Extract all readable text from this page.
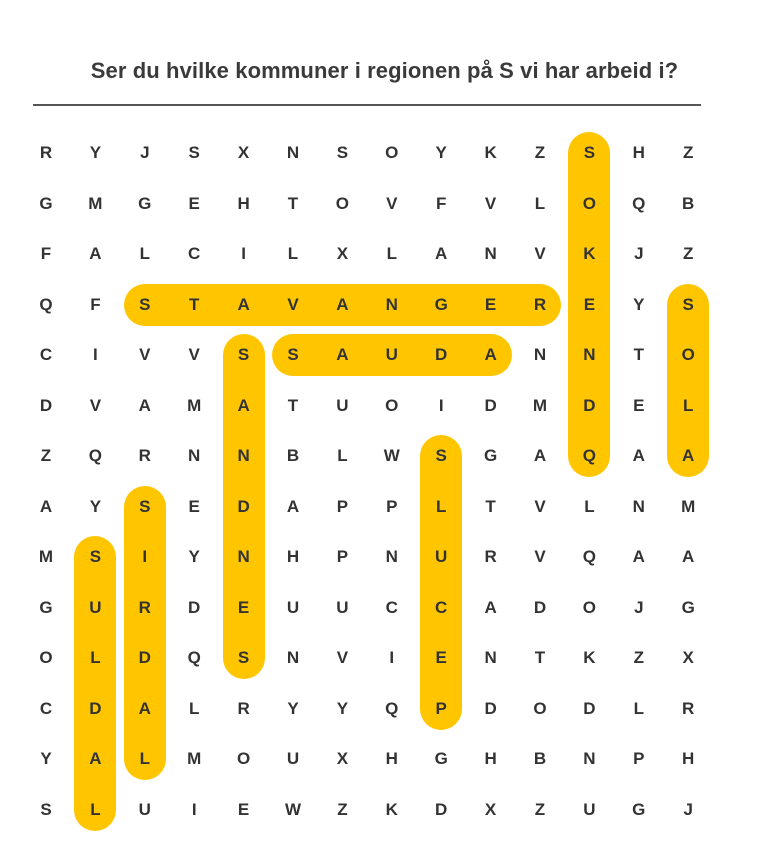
Ser du hvilke kommuner i regionen på S vi har arbeid i?
R	Y	J	S	X	N	S	O	Y	K	Z	S	H	Z
G	M	G	E	H	T	O	V	F	V	L	O	Q	B
F	A	L	C	I	L	X	L	A	N	V	K	J	Z
Q	F	S	T	A	V	A	N	G	E	R	E	Y	S
C	I	V	V	S	S	A	U	D	A	N	N	T	O
D	V	A	M	A	T	U	O	I	D	M	D	E	L
Z	Q	R	N	N	B	L	W	S	G	A	Q	A	A
A	Y	S	E	D	A	P	P	L	T	V	L	N	M
M	S	I	Y	N	H	P	N	U	R	V	Q	A	A
G	U	R	D	E	U	U	C	C	A	D	O	J	G
O	L	D	Q	S	N	V	I	E	N	T	K	Z	X
C	D	A	L	R	Y	Y	Q	P	D	O	D	L	R
Y	A	L	M	O	U	X	H	G	H	B	N	P	H
S	L	U	I	E	W	Z	K	D	X	Z	U	G	J
